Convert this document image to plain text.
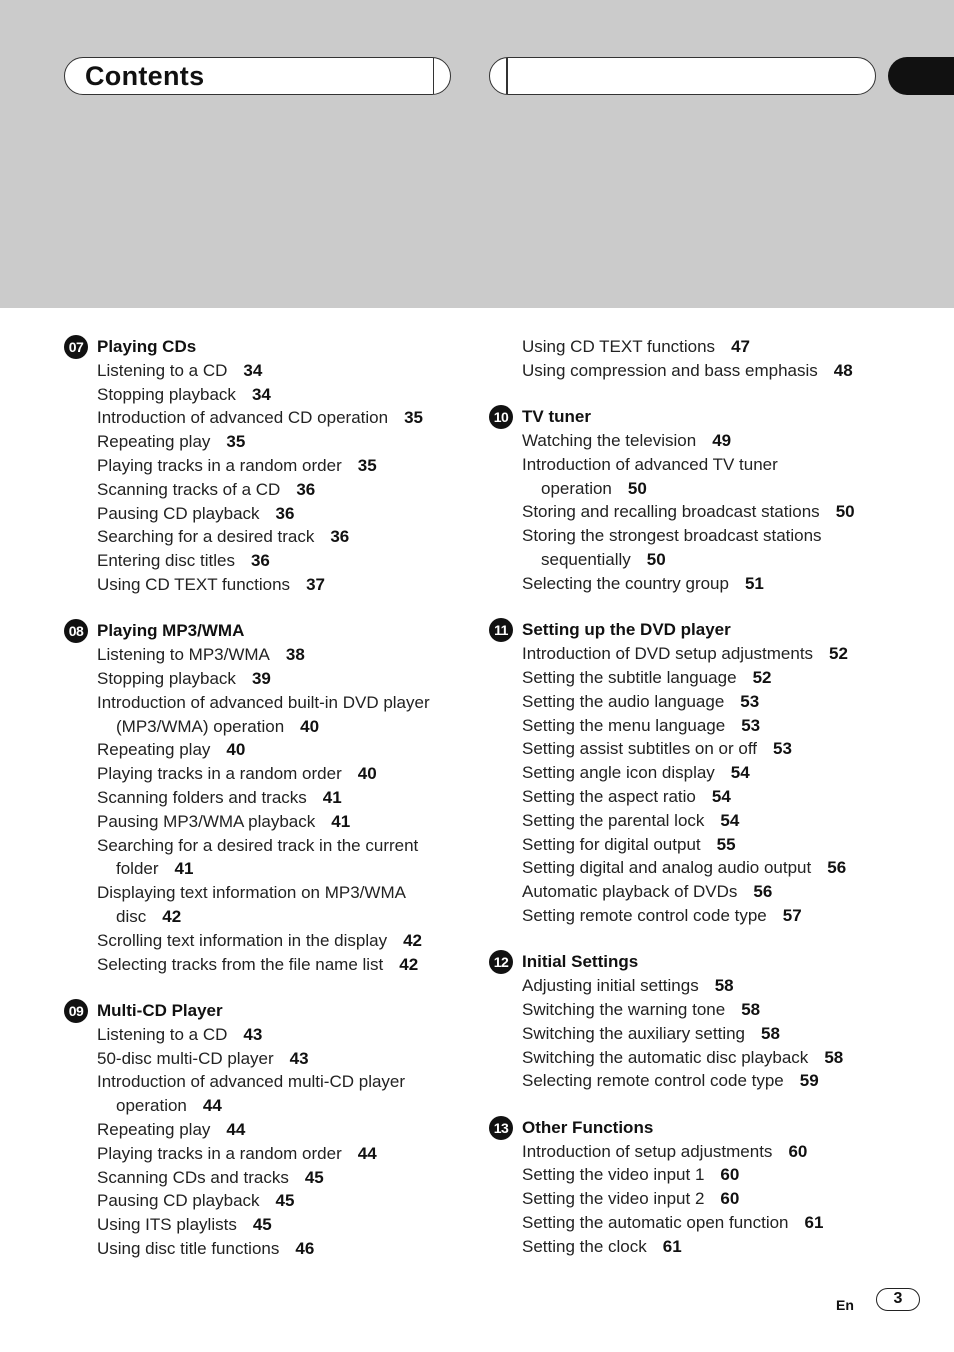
Contents
07 Playing CDs
Listening to a CD 34
Stopping playback 34
Introduction of advanced CD operation 35
Repeating play 35
Playing tracks in a random order 35
Scanning tracks of a CD 36
Pausing CD playback 36
Searching for a desired track 36
Entering disc titles 36
Using CD TEXT functions 37
08 Playing MP3/WMA
Listening to MP3/WMA 38
Stopping playback 39
Introduction of advanced built-in DVD player
(MP3/WMA) operation 40
Repeating play 40
Playing tracks in a random order 40
Scanning folders and tracks 41
Pausing MP3/WMA playback 41
Searching for a desired track in the current
folder 41
Displaying text information on MP3/WMA
disc 42
Scrolling text information in the display 42
Selecting tracks from the file name list 42
09 Multi-CD Player
Listening to a CD 43
50-disc multi-CD player 43
Introduction of advanced multi-CD player
operation 44
Repeating play 44
Playing tracks in a random order 44
Scanning CDs and tracks 45
Pausing CD playback 45
Using ITS playlists 45
Using disc title functions 46
Using CD TEXT functions 47
Using compression and bass emphasis 48
10 TV tuner
Watching the television 49
Introduction of advanced TV tuner
operation 50
Storing and recalling broadcast stations 50
Storing the strongest broadcast stations
sequentially 50
Selecting the country group 51
11 Setting up the DVD player
Introduction of DVD setup adjustments 52
Setting the subtitle language 52
Setting the audio language 53
Setting the menu language 53
Setting assist subtitles on or off 53
Setting angle icon display 54
Setting the aspect ratio 54
Setting the parental lock 54
Setting for digital output 55
Setting digital and analog audio output 56
Automatic playback of DVDs 56
Setting remote control code type 57
12 Initial Settings
Adjusting initial settings 58
Switching the warning tone 58
Switching the auxiliary setting 58
Switching the automatic disc playback 58
Selecting remote control code type 59
13 Other Functions
Introduction of setup adjustments 60
Setting the video input 1 60
Setting the video input 2 60
Setting the automatic open function 61
Setting the clock 61
En	3
